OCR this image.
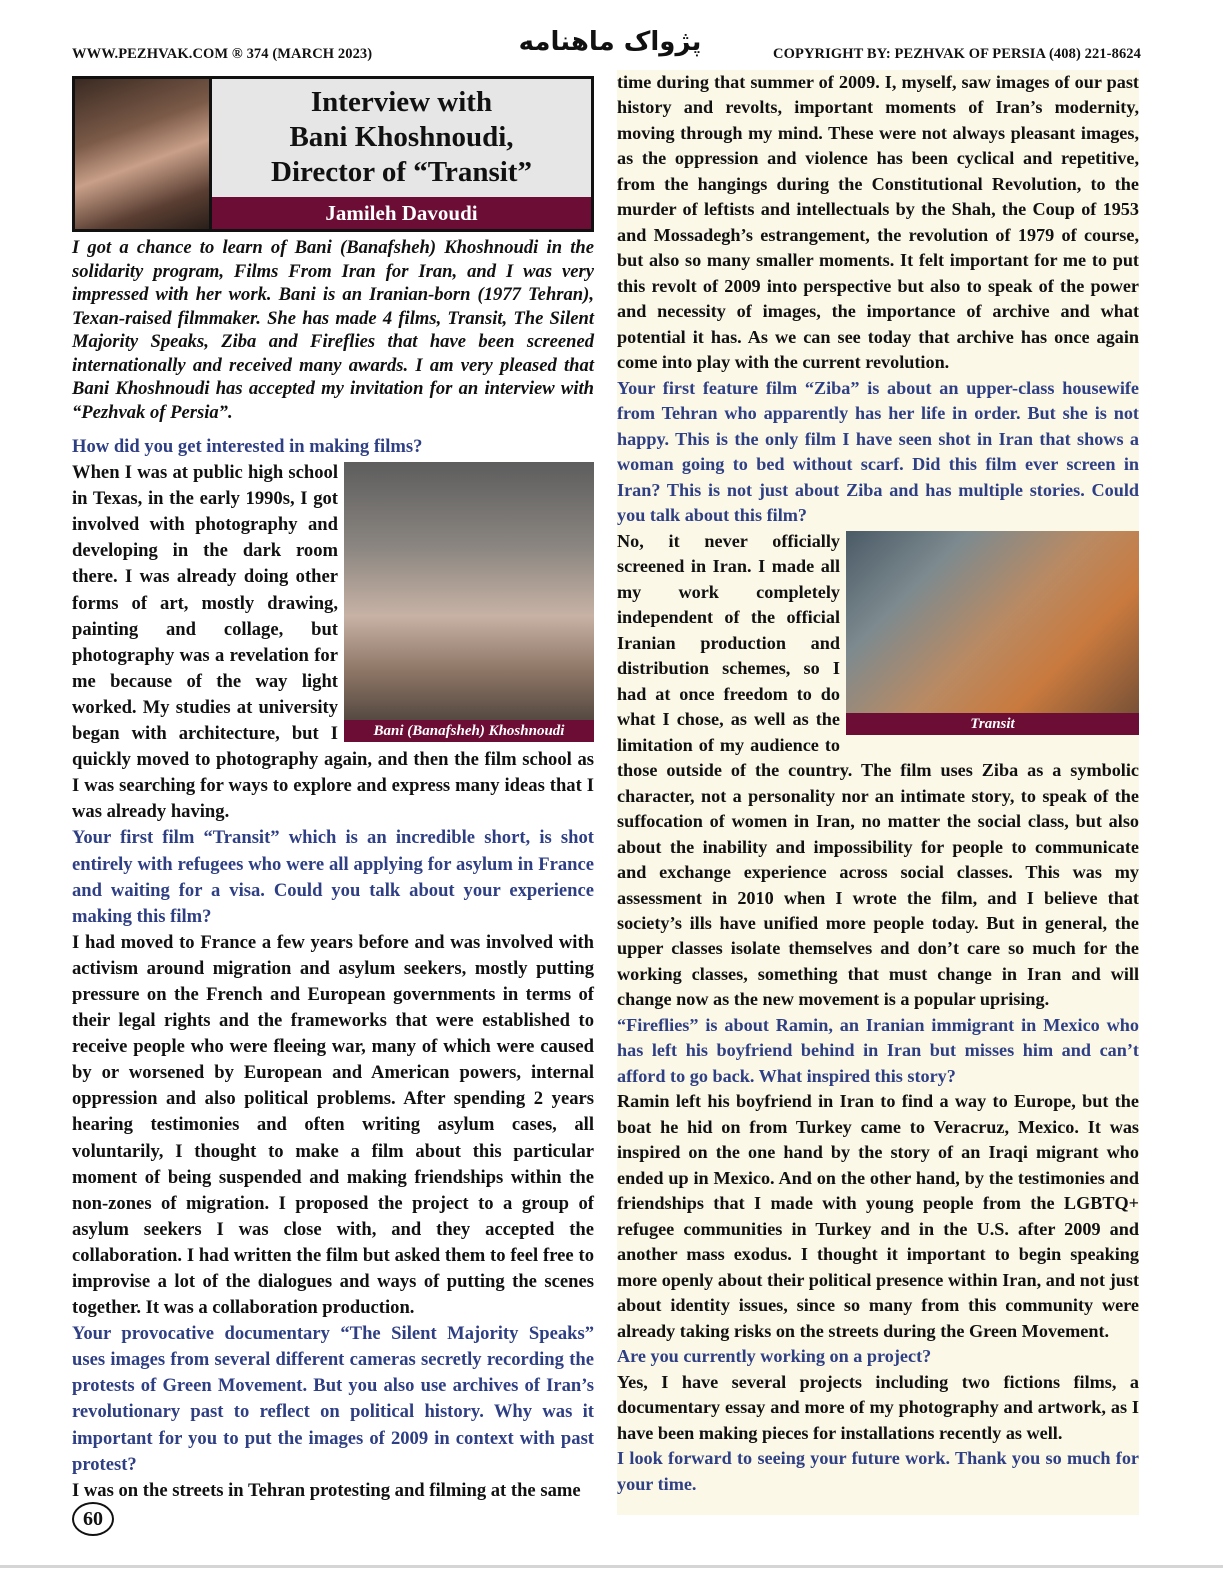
WWW.PEZHVAK.COM ® 374 (MARCH 2023)	COPYRIGHT BY: PEZHVAK OF PERSIA (408) 221-8624
پژواک ماهنامه
Interview with
Bani Khoshnoudi,
Director of “Transit”
Jamileh Davoudi

I got a chance to learn of Bani (Banafsheh) Khoshnoudi in the solidarity program, Films From Iran for Iran, and I was very impressed with her work. Bani is an Iranian-born (1977 Tehran), Texan-raised filmmaker. She has made 4 films, Transit, The Silent Majority Speaks, Ziba and Fireflies that have been screened internationally and received many awards. I am very pleased that Bani Khoshnoudi has accepted my invitation for an interview with “Pezhvak of Persia”.

How did you get interested in making films?

Bani (Banafsheh) Khoshnoudi

When I was at public high school in Texas, in the early 1990s, I got involved with photography and developing in the dark room there. I was already doing other forms of art, mostly drawing, painting and collage, but photography was a revelation for me because of the way light worked. My studies at university began with architecture, but I quickly moved to photography again, and then the film school as I was searching for ways to explore and express many ideas that I was already having.

Your first film “Transit” which is an incredible short, is shot entirely with refugees who were all applying for asylum in France and waiting for a visa. Could you talk about your experience making this film?

I had moved to France a few years before and was involved with activism around migration and asylum seekers, mostly putting pressure on the French and European governments in terms of their legal rights and the frameworks that were established to receive people who were fleeing war, many of which were caused by or worsened by European and American powers, internal oppression and also political problems. After spending 2 years hearing testimonies and often writing asylum cases, all voluntarily, I thought to make a film about this particular moment of being suspended and making friendships within the non-zones of migration. I proposed the project to a group of asylum seekers I was close with, and they accepted the collaboration. I had written the film but asked them to feel free to improvise a lot of the dialogues and ways of putting the scenes together. It was a collaboration production.

Your provocative documentary “The Silent Majority Speaks” uses images from several different cameras secretly recording the protests of Green Movement. But you also use archives of Iran’s revolutionary past to reflect on political history. Why was it important for you to put the images of 2009 in context with past protest?

I was on the streets in Tehran protesting and filming at the same

time during that summer of 2009. I, myself, saw images of our past history and revolts, important moments of Iran’s modernity, moving through my mind. These were not always pleasant images, as the oppression and violence has been cyclical and repetitive, from the hangings during the Constitutional Revolution, to the murder of leftists and intellectuals by the Shah, the Coup of 1953 and Mossadegh’s estrangement, the revolution of 1979 of course, but also so many smaller moments. It felt important for me to put this revolt of 2009 into perspective but also to speak of the power and necessity of images, the importance of archive and what potential it has. As we can see today that archive has once again come into play with the current revolution.

Your first feature film “Ziba” is about an upper-class housewife from Tehran who apparently has her life in order. But she is not happy. This is the only film I have seen shot in Iran that shows a woman going to bed without scarf. Did this film ever screen in Iran? This is not just about Ziba and has multiple stories. Could you talk about this film?

Transit

No, it never officially screened in Iran. I made all my work completely independent of the official Iranian production and distribution schemes, so I had at once freedom to do what I chose, as well as the limitation of my audience to those outside of the country. The film uses Ziba as a symbolic character, not a personality nor an intimate story, to speak of the suffocation of women in Iran, no matter the social class, but also about the inability and impossibility for people to communicate and exchange experience across social classes. This was my assessment in 2010 when I wrote the film, and I believe that society’s ills have unified more people today. But in general, the upper classes isolate themselves and don’t care so much for the working classes, something that must change in Iran and will change now as the new movement is a popular uprising.

“Fireflies” is about Ramin, an Iranian immigrant in Mexico who has left his boyfriend behind in Iran but misses him and can’t afford to go back. What inspired this story?

Ramin left his boyfriend in Iran to find a way to Europe, but the boat he hid on from Turkey came to Veracruz, Mexico. It was inspired on the one hand by the story of an Iraqi migrant who ended up in Mexico. And on the other hand, by the testimonies and friendships that I made with young people from the LGBTQ+ refugee communities in Turkey and in the U.S. after 2009 and another mass exodus. I thought it important to begin speaking more openly about their political presence within Iran, and not just about identity issues, since so many from this community were already taking risks on the streets during the Green Movement.

Are you currently working on a project?

Yes, I have several projects including two fictions films, a documentary essay and more of my photography and artwork, as I have been making pieces for installations recently as well.

I look forward to seeing your future work. Thank you so much for your time.

60
